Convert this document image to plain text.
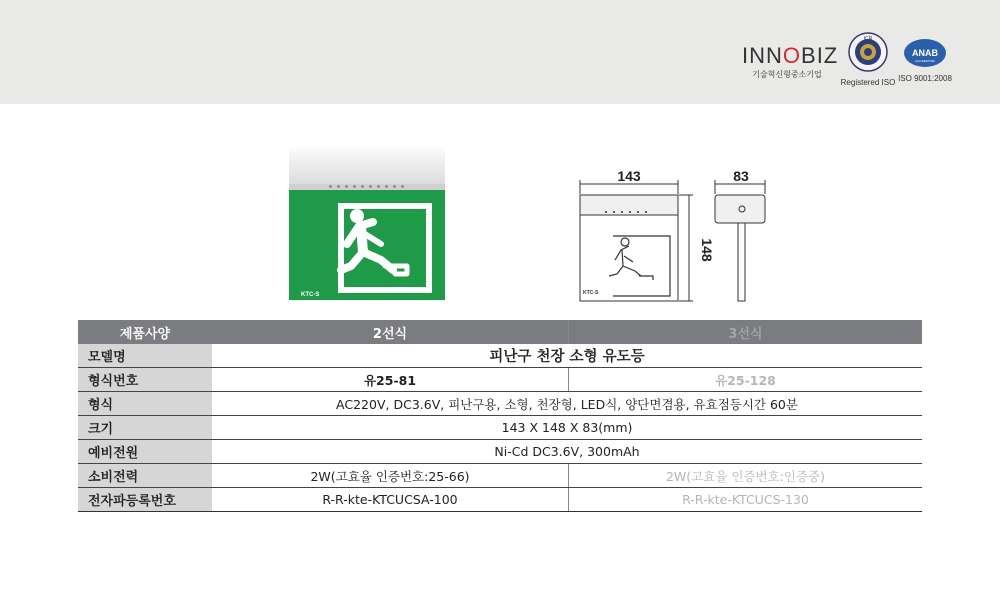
INNOBIZ
기술혁신형중소기업
ICR
Registered ISO
ANAB
ACCREDITED
ISO 9001:2008
KTC-S	KTC-S
143	83
148
제품사양	2선식	3선식
모델명	피난구 천장 소형 유도등	
형식번호	유25-81	유25-128
형식	AC220V, DC3.6V, 피난구용, 소형, 천장형, LED식, 양단면겸용, 유효점등시간 60분	
크기	143 X 148 X 83(mm)	
예비전원	Ni-Cd DC3.6V, 300mAh	
소비전력	2W(고효율 인증번호:25-66)	2W(고효율 인증번호:인증중)
전자파등록번호	R-R-kte-KTCUCSA-100	R-R-kte-KTCUCS-130
